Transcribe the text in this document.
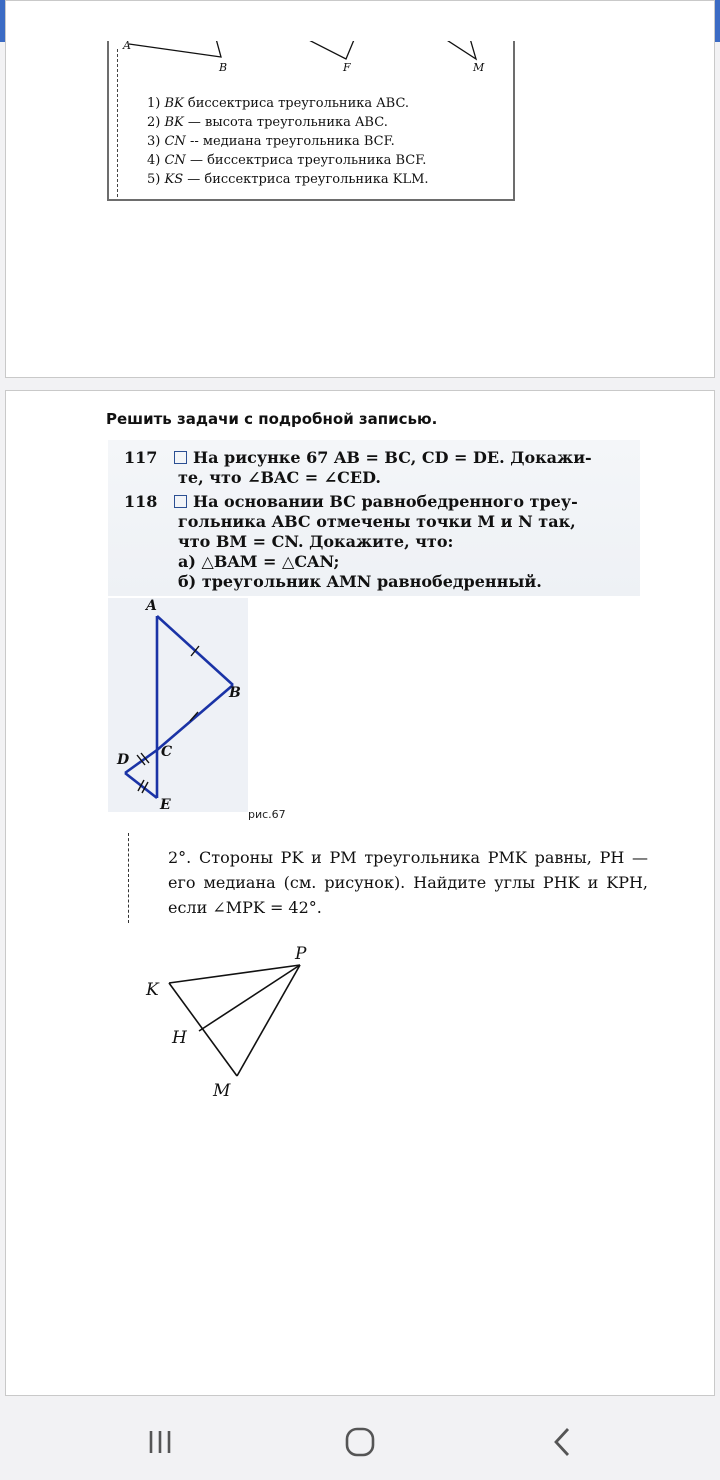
A
B	F	M
1) BK биссектриса треугольника ABC.
2) BK — высота треугольника ABC.
3) CN -- медиана треугольника BCF.
4) CN — биссектриса треугольника BCF.
5) KS — биссектриса треугольника KLM.
Решить задачи с подробной записью.
117 На рисунке 67 AB = BC, CD = DE. Докажи-
те, что ∠BAC = ∠CED.
118 На основании BC равнобедренного треу-
гольника ABC отмечены точки M и N так,
что BM = CN. Докажите, что:
а) △BAM = △CAN;
б) треугольник AMN равнобедренный.
A
B
C
D
E
рис.67
2°. Стороны PK и PM треугольника PMK равны, PH — его медиана (см. рисунок). Найдите углы PHK и KPH, если ∠MPK = 42°.
P
K
H
M
